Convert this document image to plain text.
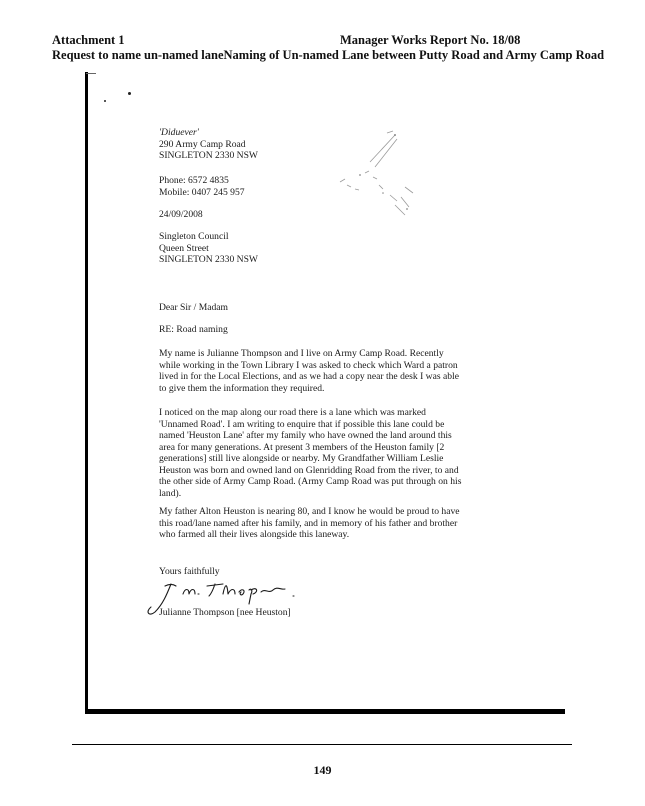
Attachment 1	Manager Works Report No. 18/08
Request to name un-named laneNaming of Un-named Lane between Putty Road and Army Camp Road
'Diduever'
290 Army Camp Road
SINGLETON 2330 NSW
Phone: 6572 4835
Mobile: 0407 245 957
24/09/2008
Singleton Council
Queen Street
SINGLETON 2330 NSW
Dear Sir / Madam
RE: Road naming
My name is Julianne Thompson and I live on Army Camp Road. Recently
while working in the Town Library I was asked to check which Ward a patron
lived in for the Local Elections, and as we had a copy near the desk I was able
to give them the information they required.
I noticed on the map along our road there is a lane which was marked
'Unnamed Road'. I am writing to enquire that if possible this lane could be
named 'Heuston Lane' after my family who have owned the land around this
area for many generations. At present 3 members of the Heuston family [2
generations] still live alongside or nearby. My Grandfather William Leslie
Heuston was born and owned land on Glenridding Road from the river, to and
the other side of Army Camp Road. (Army Camp Road was put through on his
land).
My father Alton Heuston is nearing 80, and I know he would be proud to have
this road/lane named after his family, and in memory of his father and brother
who farmed all their lives alongside this laneway.
Yours faithfully
Julianne Thompson [nee Heuston]
149
